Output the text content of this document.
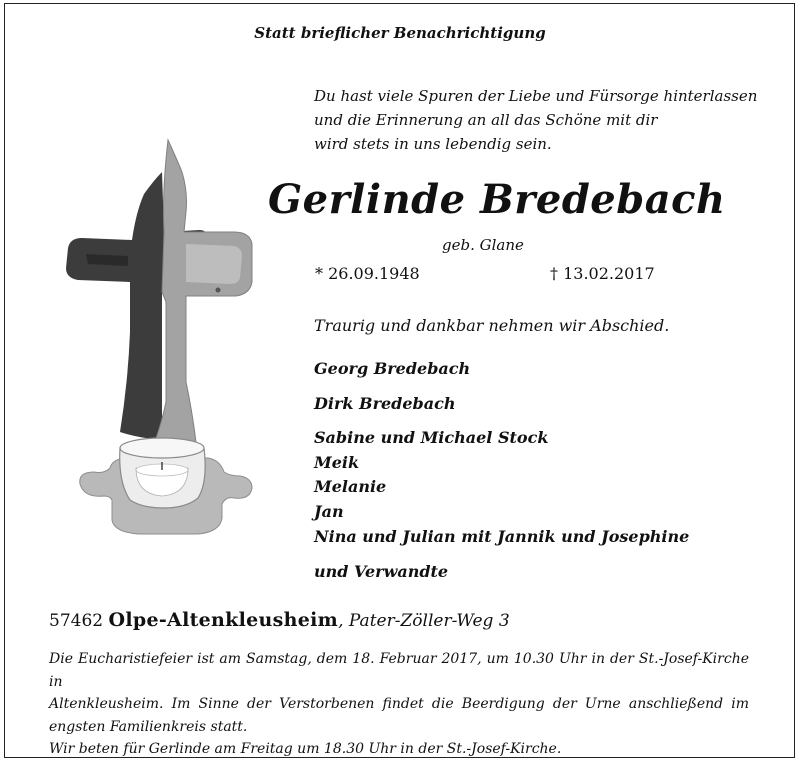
Statt brieflicher Benachrichtigung
Du hast viele Spuren der Liebe und Fürsorge hinterlassen
und die Erinnerung an all das Schöne mit dir
wird stets in uns lebendig sein.
Gerlinde Bredebach
geb. Glane
* 26.09.1948	† 13.02.2017
Traurig und dankbar nehmen wir Abschied.
Georg Bredebach
Dirk Bredebach
Sabine und Michael Stock
Meik
Melanie
Jan
Nina und Julian mit Jannik und Josephine
und Verwandte
57462 Olpe-Altenkleusheim, Pater-Zöller-Weg 3

Die Eucharistiefeier ist am Samstag, dem 18. Februar 2017, um 10.30 Uhr in der St.-Josef-Kirche in

Altenkleusheim. Im Sinne der Verstorbenen findet die Beerdigung der Urne anschließend im

engsten Familienkreis statt.

Wir beten für Gerlinde am Freitag um 18.30 Uhr in der St.-Josef-Kirche.
